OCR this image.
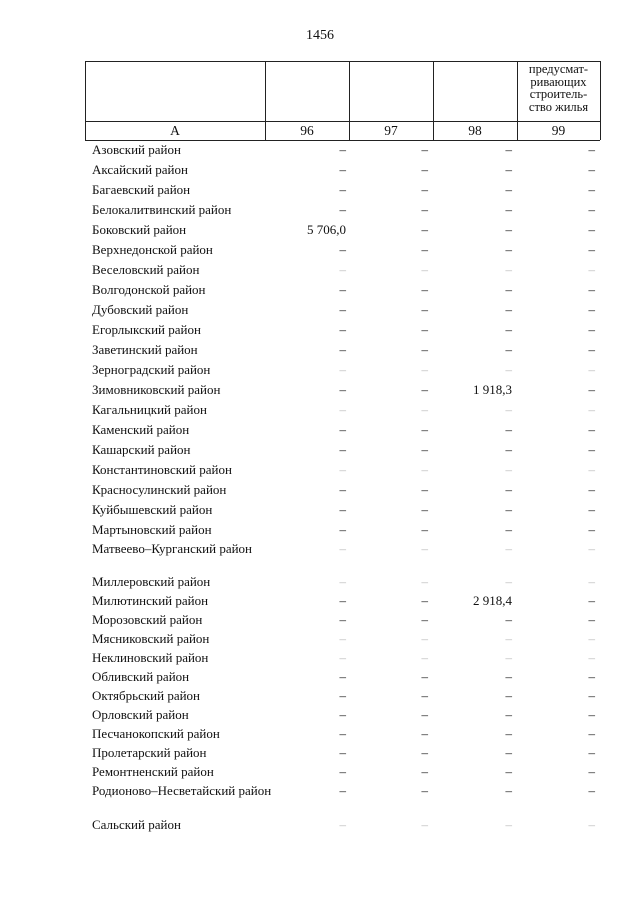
1456
предусмат-
ривающих
строитель-
ство жилья
А	96	97	98	99
Азовский район	–	–	–	–
Аксайский район	–	–	–	–
Багаевский район	–	–	–	–
Белокалитвинский район	–	–	–	–
Боковский район	5 706,0	–	–	–
Верхнедонской район	–	–	–	–
Веселовский район	–	–	–	–
Волгодонской район	–	–	–	–
Дубовский район	–	–	–	–
Егорлыкский район	–	–	–	–
Заветинский район	–	–	–	–
Зерноградский район	–	–	–	–
Зимовниковский район	–	–	1 918,3	–
Кагальницкий район	–	–	–	–
Каменский район	–	–	–	–
Кашарский район	–	–	–	–
Константиновский район	–	–	–	–
Красносулинский район	–	–	–	–
Куйбышевский район	–	–	–	–
Мартыновский район	–	–	–	–
Матвеево–Курганский район	–	–	–	–
Миллеровский район	–	–	–	–
Милютинский район	–	–	2 918,4	–
Морозовский район	–	–	–	–
Мясниковский район	–	–	–	–
Неклиновский район	–	–	–	–
Обливский район	–	–	–	–
Октябрьский район	–	–	–	–
Орловский район	–	–	–	–
Песчанокопский район	–	–	–	–
Пролетарский район	–	–	–	–
Ремонтненский район	–	–	–	–
Родионово–Несветайский район	–	–	–	–
Сальский район	–	–	–	–
